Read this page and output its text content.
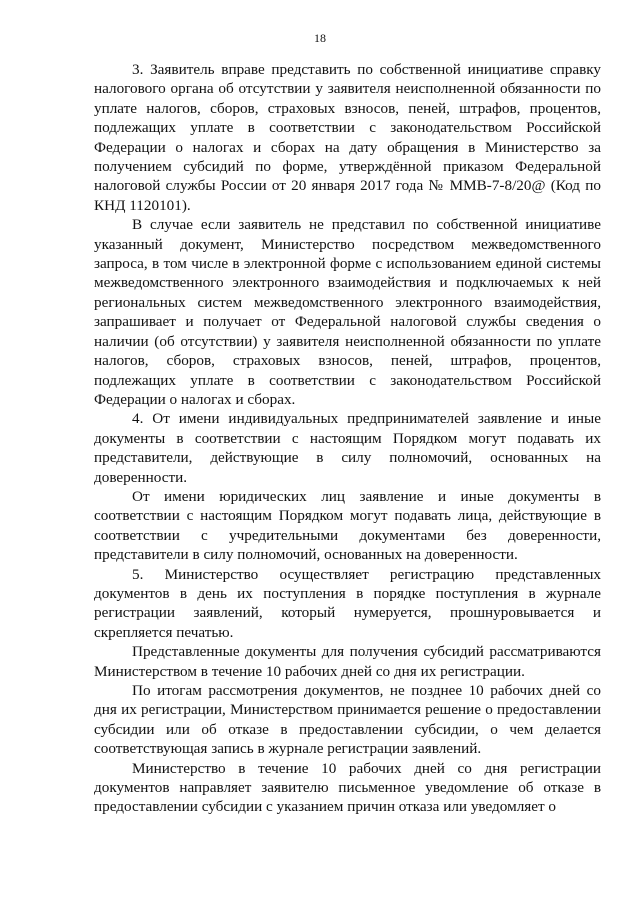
18

3. Заявитель вправе представить по собственной инициативе справку налогового органа об отсутствии у заявителя неисполненной обязанности по уплате налогов, сборов, страховых взносов, пеней, штрафов, процентов, подлежащих уплате в соответствии с законодательством Российской Федерации о налогах и сборах на дату обращения в Министерство за получением субсидий по форме, утверждённой приказом Федеральной налоговой службы России от 20 января 2017 года № ММВ-7-8/20@ (Код по КНД 1120101).

В случае если заявитель не представил по собственной инициативе указанный документ, Министерство посредством межведомственного запроса, в том числе в электронной форме с использованием единой системы межведомственного электронного взаимодействия и подключаемых к ней региональных систем межведомственного электронного взаимодействия, запрашивает и получает от Федеральной налоговой службы сведения о наличии (об отсутствии) у заявителя неисполненной обязанности по уплате налогов, сборов, страховых взносов, пеней, штрафов, процентов, подлежащих уплате в соответствии с законодательством Российской Федерации о налогах и сборах.

4. От имени индивидуальных предпринимателей заявление и иные документы в соответствии с настоящим Порядком могут подавать их представители, действующие в силу полномочий, основанных на доверенности.

От имени юридических лиц заявление и иные документы в соответствии с настоящим Порядком могут подавать лица, действующие в соответствии с учредительными документами без доверенности, представители в силу полномочий, основанных на доверенности.

5. Министерство осуществляет регистрацию представленных документов в день их поступления в порядке поступления в журнале регистрации заявлений, который нумеруется, прошнуровывается и скрепляется печатью.

Представленные документы для получения субсидий рассматриваются Министерством в течение 10 рабочих дней со дня их регистрации.

По итогам рассмотрения документов, не позднее 10 рабочих дней со дня их регистрации, Министерством принимается решение о предоставлении субсидии или об отказе в предоставлении субсидии, о чем делается соответствующая запись в журнале регистрации заявлений.

Министерство в течение 10 рабочих дней со дня регистрации документов направляет заявителю письменное уведомление об отказе в предоставлении субсидии с указанием причин отказа или уведомляет о
